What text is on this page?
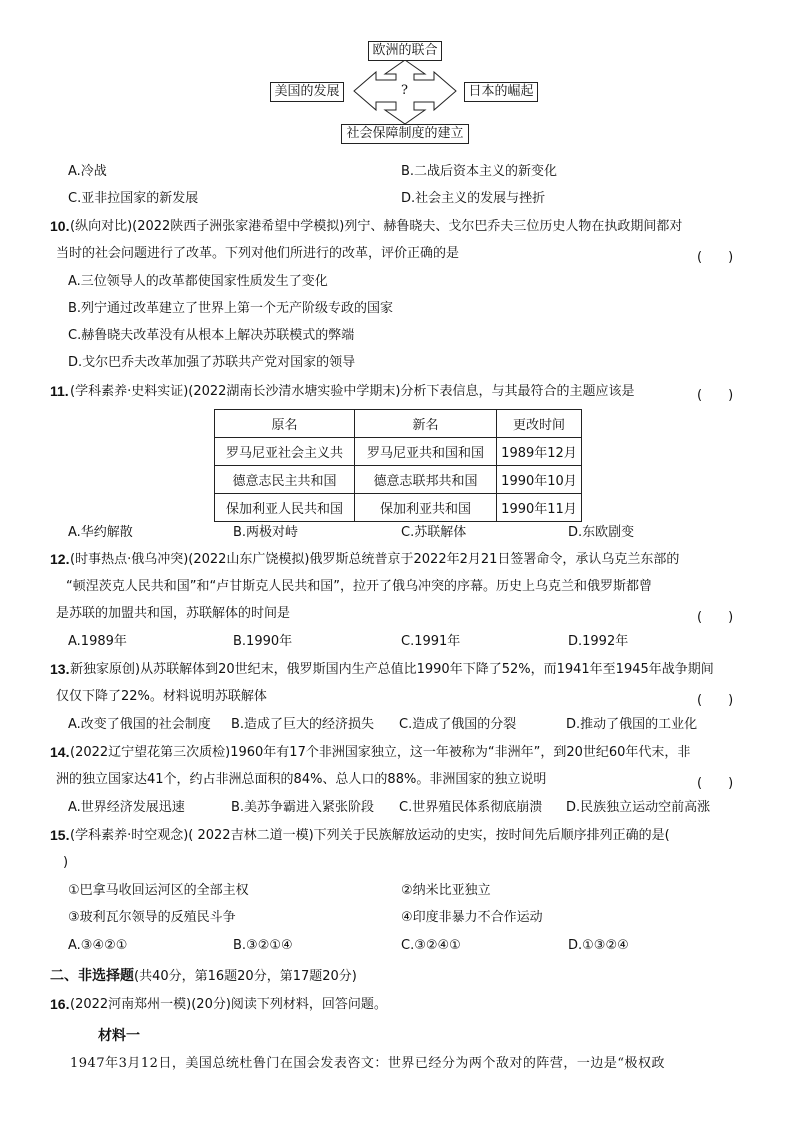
欧洲的联合
美国的发展	?	日本的崛起
社会保障制度的建立
A.冷战	B.二战后资本主义的新变化
C.亚非拉国家的新发展	D.社会主义的发展与挫折
10. (纵向对比)(2022陕西子洲张家港希望中学模拟)列宁、赫鲁晓夫、戈尔巴乔夫三位历史人物在执政期间都对
当时的社会问题进行了改革。下列对他们所进行的改革，评价正确的是	(　　)
A.三位领导人的改革都使国家性质发生了变化
B.列宁通过改革建立了世界上第一个无产阶级专政的国家
C.赫鲁晓夫改革没有从根本上解决苏联模式的弊端
D.戈尔巴乔夫改革加强了苏联共产党对国家的领导
11. (学科素养·史料实证)(2022湖南长沙清水塘实验中学期末)分析下表信息，与其最符合的主题应该是	(　　)
原名	新名	更改时间
罗马尼亚社会主义共	罗马尼亚共和国和国	1989年12月
德意志民主共和国	德意志联邦共和国	1990年10月
保加利亚人民共和国	保加利亚共和国	1990年11月
A.华约解散	B.两极对峙	C.苏联解体	D.东欧剧变
12. (时事热点·俄乌冲突)(2022山东广饶模拟)俄罗斯总统普京于2022年2月21日签署命令，承认乌克兰东部的
“顿涅茨克人民共和国”和“卢甘斯克人民共和国”，拉开了俄乌冲突的序幕。历史上乌克兰和俄罗斯都曾
是苏联的加盟共和国，苏联解体的时间是	(　　)
A.1989年	B.1990年	C.1991年	D.1992年
13. 新独家原创)从苏联解体到20世纪末，俄罗斯国内生产总值比1990年下降了52%，而1941年至1945年战争期间
仅仅下降了22%。材料说明苏联解体	(　　)
A.改变了俄国的社会制度 B.造成了巨大的经济损失 C.造成了俄国的分裂	D.推动了俄国的工业化
14. (2022辽宁望花第三次质检)1960年有17个非洲国家独立，这一年被称为“非洲年”，到20世纪60年代末，非
洲的独立国家达41个，约占非洲总面积的84%、总人口的88%。非洲国家的独立说明	(　　)
A.世界经济发展迅速	B.美苏争霸进入紧张阶段 C.世界殖民体系彻底崩溃 D.民族独立运动空前高涨
15. (学科素养·时空观念)( 2022吉林二道一模)下列关于民族解放运动的史实，按时间先后顺序排列正确的是(
)
①巴拿马收回运河区的全部主权	②纳米比亚独立
③玻利瓦尔领导的反殖民斗争	④印度非暴力不合作运动
A.③④②①	B.③②①④	C.③②④①	D.①③②④
二、非选择题(共40分，第16题20分，第17题20分)
16. (2022河南郑州一模)(20分)阅读下列材料，回答问题。
材料一
1947年3月12日，美国总统杜鲁门在国会发表咨文：世界已经分为两个敌对的阵营，一边是“极权政
